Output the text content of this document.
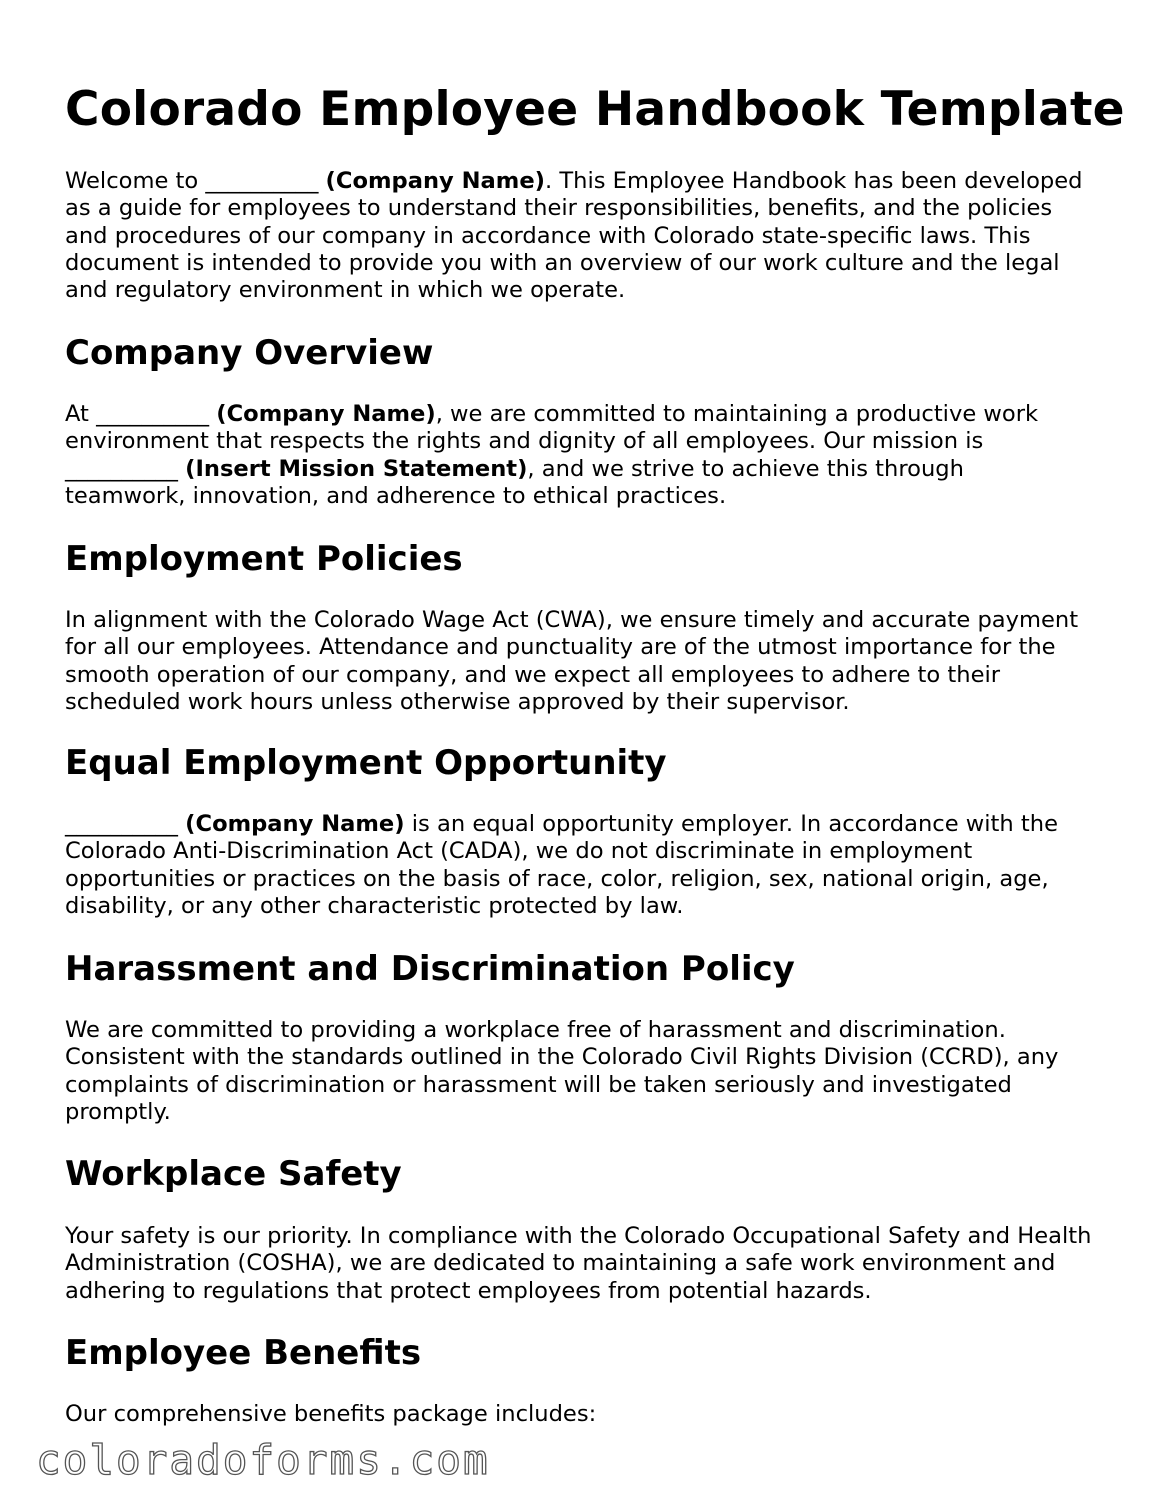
Colorado Employee Handbook Template

Welcome to __________ (Company Name). This Employee Handbook has been developed
as a guide for employees to understand their responsibilities, benefits, and the policies
and procedures of our company in accordance with Colorado state-specific laws. This
document is intended to provide you with an overview of our work culture and the legal
and regulatory environment in which we operate.

Company Overview

At __________ (Company Name), we are committed to maintaining a productive work
environment that respects the rights and dignity of all employees. Our mission is
__________ (Insert Mission Statement), and we strive to achieve this through
teamwork, innovation, and adherence to ethical practices.

Employment Policies

In alignment with the Colorado Wage Act (CWA), we ensure timely and accurate payment
for all our employees. Attendance and punctuality are of the utmost importance for the
smooth operation of our company, and we expect all employees to adhere to their
scheduled work hours unless otherwise approved by their supervisor.

Equal Employment Opportunity

__________ (Company Name) is an equal opportunity employer. In accordance with the
Colorado Anti-Discrimination Act (CADA), we do not discriminate in employment
opportunities or practices on the basis of race, color, religion, sex, national origin, age,
disability, or any other characteristic protected by law.

Harassment and Discrimination Policy

We are committed to providing a workplace free of harassment and discrimination.
Consistent with the standards outlined in the Colorado Civil Rights Division (CCRD), any
complaints of discrimination or harassment will be taken seriously and investigated
promptly.

Workplace Safety

Your safety is our priority. In compliance with the Colorado Occupational Safety and Health
Administration (COSHA), we are dedicated to maintaining a safe work environment and
adhering to regulations that protect employees from potential hazards.

Employee Benefits

Our comprehensive benefits package includes:

coloradoforms.com
